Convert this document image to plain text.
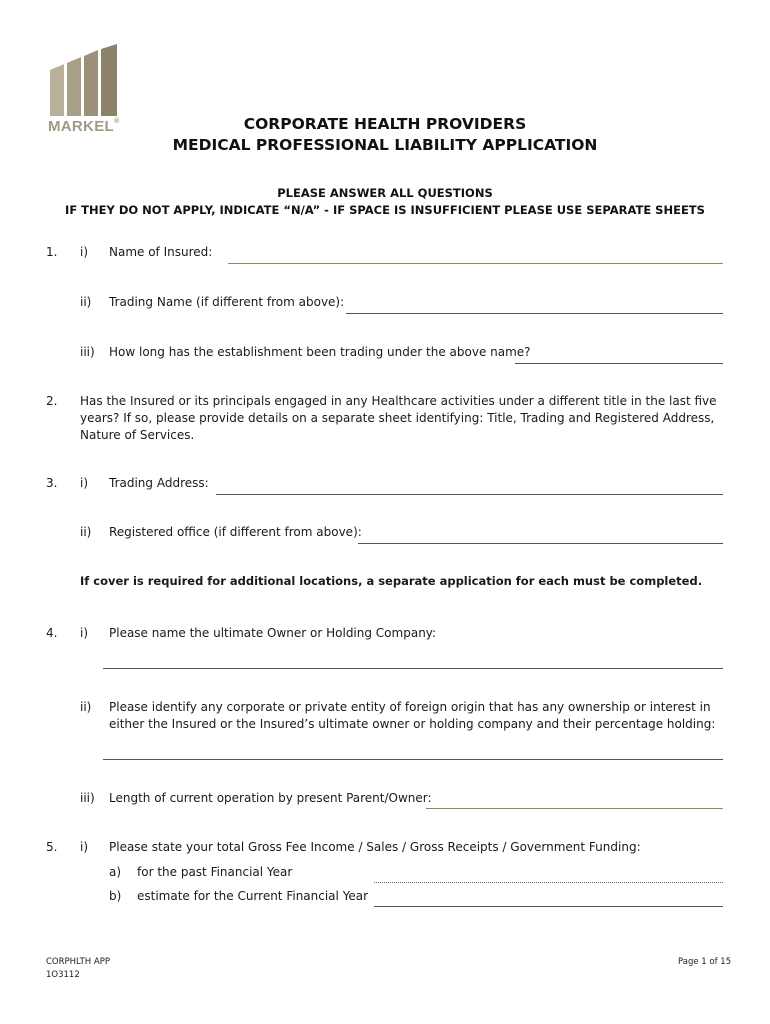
MARKEL®	CORPORATE HEALTH PROVIDERS
MEDICAL PROFESSIONAL LIABILITY APPLICATION
PLEASE ANSWER ALL QUESTIONS
IF THEY DO NOT APPLY, INDICATE “N/A” - IF SPACE IS INSUFFICIENT PLEASE USE SEPARATE SHEETS
1. i) Name of Insured:
ii) Trading Name (if different from above):
iii) How long has the establishment been trading under the above name?
2. Has the Insured or its principals engaged in any Healthcare activities under a different title in the last five years? If so, please provide details on a separate sheet identifying: Title, Trading and Registered Address, Nature of Services.
3. i) Trading Address:
ii) Registered office (if different from above):
If cover is required for additional locations, a separate application for each must be completed.
4. i) Please name the ultimate Owner or Holding Company:
ii) Please identify any corporate or private entity of foreign origin that has any ownership or interest in either the Insured or the Insured’s ultimate owner or holding company and their percentage holding:
iii) Length of current operation by present Parent/Owner:
5. i) Please state your total Gross Fee Income / Sales / Gross Receipts / Government Funding:
a) for the past Financial Year
b) estimate for the Current Financial Year
CORPHLTH APP
1O3112
Page 1 of 15
